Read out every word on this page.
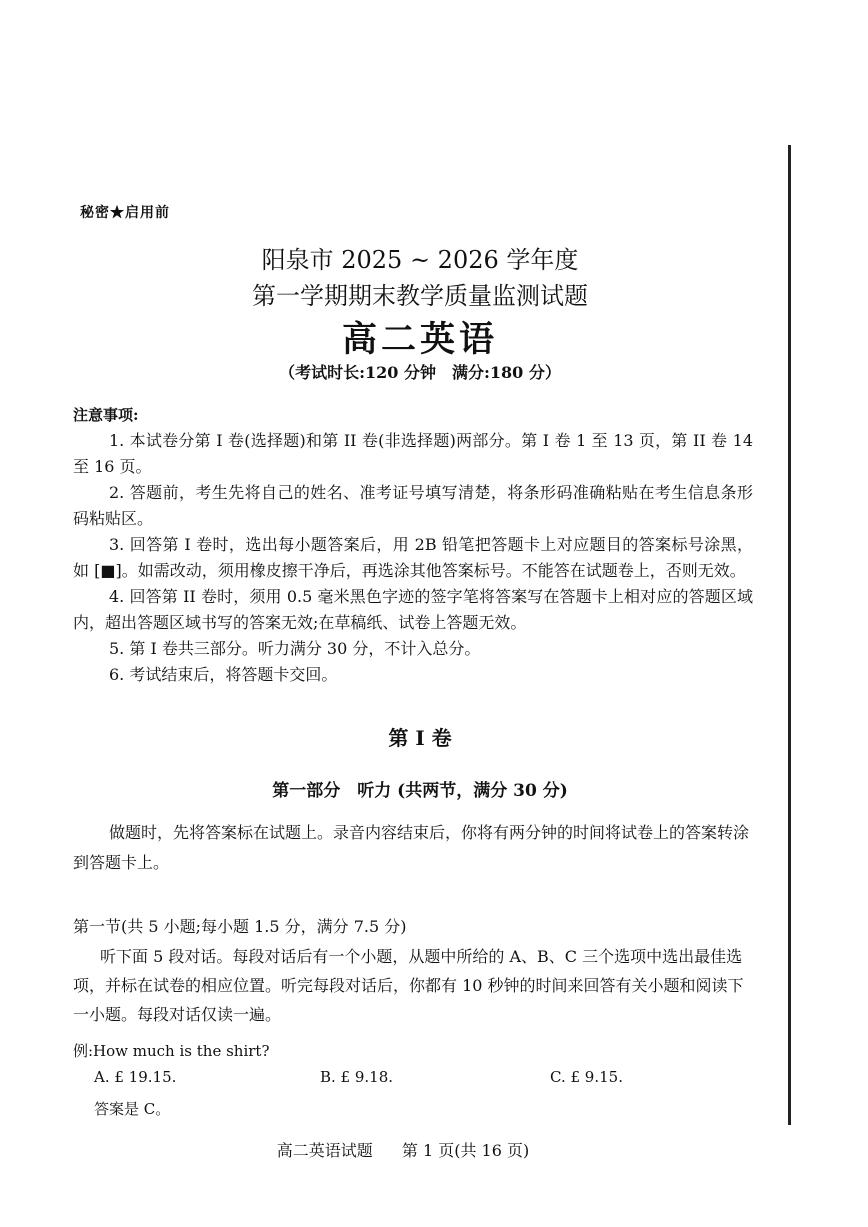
秘密★启用前
阳泉市 2025 ~ 2026 学年度
第一学期期末教学质量监测试题
高二英语
（考试时长:120 分钟　满分:180 分）
注意事项:

1. 本试卷分第 I 卷(选择题)和第 II 卷(非选择题)两部分。第 I 卷 1 至 13 页，第 II 卷 14 至 16 页。

2. 答题前，考生先将自己的姓名、准考证号填写清楚，将条形码准确粘贴在考生信息条形码粘贴区。

3. 回答第 I 卷时，选出每小题答案后，用 2B 铅笔把答题卡上对应题目的答案标号涂黑，如 [■]。如需改动，须用橡皮擦干净后，再选涂其他答案标号。不能答在试题卷上，否则无效。

4. 回答第 II 卷时，须用 0.5 毫米黑色字迹的签字笔将答案写在答题卡上相对应的答题区域内，超出答题区域书写的答案无效;在草稿纸、试卷上答题无效。

5. 第 I 卷共三部分。听力满分 30 分，不计入总分。

6. 考试结束后，将答题卡交回。

第 I 卷
第一部分　听力 (共两节，满分 30 分)

做题时，先将答案标在试题上。录音内容结束后，你将有两分钟的时间将试卷上的答案转涂到答题卡上。

第一节(共 5 小题;每小题 1.5 分，满分 7.5 分)

听下面 5 段对话。每段对话后有一个小题，从题中所给的 A、B、C 三个选项中选出最佳选项，并标在试卷的相应位置。听完每段对话后，你都有 10 秒钟的时间来回答有关小题和阅读下一小题。每段对话仅读一遍。

例:How much is the shirt?
A. £ 19.15.	B. £ 9.18.	C. £ 9.15.
答案是 C。
高二英语试题 第 1 页(共 16 页)
